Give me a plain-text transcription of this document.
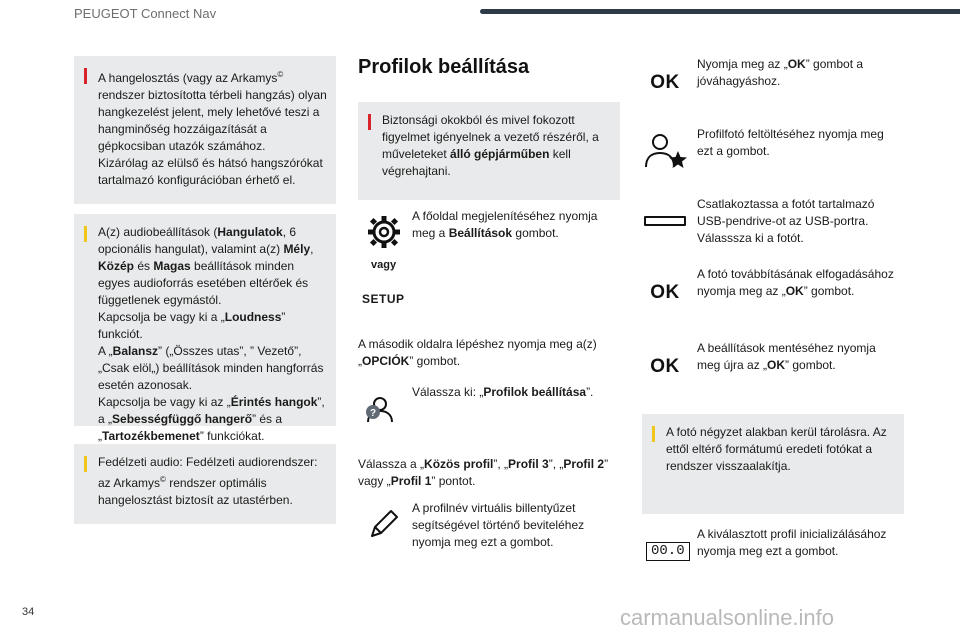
PEUGEOT Connect Nav

A hangelosztás (vagy az Arkamys©
rendszer biztosította térbeli hangzás) olyan hangkezelést jelent, mely lehetővé teszi a hangminőség hozzáigazítását a gépkocsiban utazók számához.
Kizárólag az elülső és hátsó hangszórókat tartalmazó konfigurációban érhető el.

A(z) audiobeállítások (Hangulatok, 6 opcionális hangulat), valamint a(z) Mély, Közép és Magas beállítások minden egyes audioforrás esetében eltérőek és függetlenek egymástól.
Kapcsolja be vagy ki a „Loudness” funkciót.
A „Balansz” („Összes utas”, ” Vezető”, „Csak elöl„) beállítások minden hangforrás esetén azonosak.
Kapcsolja be vagy ki az „Érintés hangok”, a „Sebességfüggő hangerő” és a „Tartozékbemenet” funkciókat.

Fedélzeti audio: Fedélzeti audiorendszer: az Arkamys© rendszer optimális hangelosztást biztosít az utastérben.

Profilok beállítása

Biztonsági okokból és mivel fokozott figyelmet igényelnek a vezető részéről, a műveleteket álló gépjárműben kell végrehajtani.

A főoldal megjelenítéséhez nyomja meg a Beállítások gombot.
vagy
SETUP
A második oldalra lépéshez nyomja meg a(z) „OPCIÓK” gombot.
?
Válassza ki: „Profilok beállítása”.
Válassza a „Közös profil”, „Profil 3”, „Profil 2” vagy „Profil 1” pontot.
A profilnév virtuális billentyűzet segítségével történő beviteléhez nyomja meg ezt a gombot.
OK
Nyomja meg az „OK” gombot a jóváhagyáshoz.
Profilfotó feltöltéséhez nyomja meg ezt a gombot.
Csatlakoztassa a fotót tartalmazó USB-pendrive-ot az USB-portra. Válasssza ki a fotót.
OK
A fotó továbbításának elfogadásához nyomja meg az „OK” gombot.
OK
A beállítások mentéséhez nyomja meg újra az „OK” gombot.

A fotó négyzet alakban kerül tárolásra. Az ettől eltérő formátumú eredeti fotókat a rendszer visszaalakítja.

00.0
A kiválasztott profil inicializálásához nyomja meg ezt a gombot.
34	carmanualsonline.info
